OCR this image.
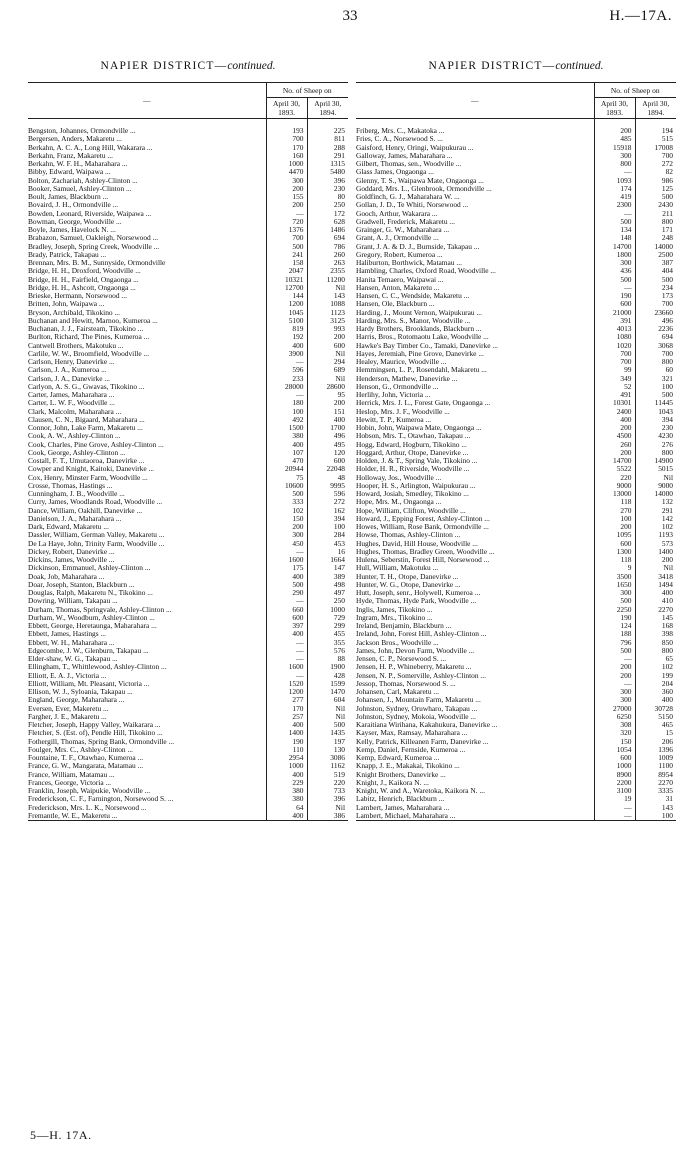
33	H.—17A.
NAPIER DISTRICT—continued.
—	No. of Sheep on	
	April 30, 1893.	April 30, 1894.
Bengston, Johannes, Ormondville ...	193	225
Bergersen, Anders, Makaretu ...	700	811
Berkahn, A. C. A., Long Hill, Wakarara ...	170	288
Berkahn, Franz, Makaretu ...	160	291
Berkahn, W. F. H., Maharahara ...	1000	1315
Bibby, Edward, Waipawa ...	4470	5480
Bolton, Zachariah, Ashley-Clinton ...	300	396
Booker, Samuel, Ashley-Clinton ...	200	230
Boult, James, Blackburn ...	155	80
Bovaird, J. H., Ormondville ...	200	250
Bowden, Leonard, Riverside, Waipawa ...	—	172
Bowman, George, Woodville ...	720	628
Boyle, James, Havelock N. ...	1376	1486
Brabazon, Samuel, Oakleigh, Norsewood ...	700	694
Bradley, Joseph, Spring Creek, Woodville ...	500	786
Brady, Patrick, Takapau ...	241	260
Brennan, Mrs. B. M., Sunnyside, Ormondville	158	263
Bridge, H. H., Droxford, Woodville ...	2047	2355
Bridge, H. H., Fairfield, Ongaonga ...	10321	11200
Bridge, H. H., Ashcott, Ongaonga ...	12700	Nil
Brieske, Hermann, Norsewood ...	144	143
Britten, John, Waipawa ...	1200	1088
Bryson, Archibald, Tikokino ...	1045	1123
Buchanan and Hewitt, Marnoo, Kumeroa ...	5100	3125
Buchanan, J. J., Fairsteam, Tikokino ...	819	993
Burlton, Richard, The Pines, Kumeroa ...	192	200
Cantwell Brothers, Makotuku ...	400	600
Carlile, W. W., Broomfield, Woodville ...	3900	Nil
Carlson, Henry, Danevirke ...	—	294
Carlson, J. A., Kumeroa ...	596	689
Carlson, J. A., Danevirke ...	233	Nil
Carlyon, A. S. G., Gwavas, Tikokino ...	28000	28600
Carter, James, Maharahara ...	—	95
Carter, L. W. F., Woodville ...	180	200
Clark, Malcolm, Maharahara ...	100	151
Clausen, C. N., Bigaard, Maharahara ...	492	400
Connor, John, Lake Farm, Makaretu ...	1500	1700
Cook, A. W., Ashley-Clinton ...	380	496
Cook, Charles, Pine Grove, Ashley-Clinton ...	400	495
Cook, George, Ashley-Clinton ...	107	120
Costall, F. T., Umutaoroa, Danevirke ...	470	600
Cowper and Knight, Kaitoki, Danevirke ...	20944	22048
Cox, Henry, Minster Farm, Woodville ...	75	48
Crosse, Thomas, Hastings ...	10600	9995
Cunningham, J. B., Woodville ...	500	596
Curry, James, Woodlands Road, Woodville ...	333	272
Dance, William, Oakhill, Danevirke ...	102	162
Danielson, J. A., Maharahara ...	150	394
Dark, Edward, Makaretu ...	200	100
Dassler, William, German Valley, Makaretu ...	300	284
De La Haye, John, Trinity Farm, Woodville ...	450	453
Dickey, Robert, Danevirke ...	—	16
Dickins, James, Woodville ...	1600	1664
Dickinson, Emmanuel, Ashley-Clinton ...	175	147
Doak, Job, Maharahara ...	400	389
Doar, Joseph, Stanton, Blackburn ...	500	498
Douglas, Ralph, Makaretu N., Tikokino ...	290	497
Dowring, William, Takapau ...	—	250
Durham, Thomas, Springvale, Ashley-Clinton ...	660	1000
Durham, W., Woodburn, Ashley-Clinton ...	600	729
Ebbett, George, Heretaunga, Maharahara ...	397	299
Ebbett, James, Hastings ...	400	455
Ebbett, W. H., Maharahara ...	—	355
Edgecombe, J. W., Glenburn, Takapau ...	—	576
Elder-shaw, W. G., Takapau ...	—	88
Ellingham, T., Whittlewood, Ashley-Clinton ...	1600	1900
Elliott, E. A. J., Victoria ...	—	428
Elliott, William, Mt. Pleasant, Victoria ...	1520	1599
Ellison, W. J., Syloania, Takapau ...	1200	1470
England, George, Maharahara ...	277	604
Eversen, Ever, Makeretu ...	170	Nil
Fargher, J. E., Makaretu ...	257	Nil
Fletcher, Joseph, Happy Valley, Waikarara ...	400	500
Fletcher, S. (Est. of), Pendle Hill, Tikokino ...	1400	1435
Fothergill, Thomas, Spring Bank, Ormondville ...	190	197
Foulger, Mrs. C., Ashley-Clinton ...	110	130
Fountaine, T. F., Otawhao, Kumeroa ...	2954	3086
France, G. W., Mangarata, Matamau ...	1000	1162
France, William, Matamau ...	400	519
Frances, George, Victoria ...	229	220
Franklin, Joseph, Waipukie, Woodville ...	380	733
Frederickson, C. F., Farnington, Norsewood S. ...	380	396
Frederickson, Mrs. L. K., Norsewood ...	64	Nil
Fremantle, W. E., Makeretu ...	400	386
NAPIER DISTRICT—continued.
—	No. of Sheep on	
	April 30, 1893.	April 30, 1894.
Friberg, Mrs. C., Makatoka ...	200	194
Fries, C. A., Norsewood S. ...	485	515
Gaisford, Henry, Oringi, Waipukurau ...	15918	17008
Galloway, James, Maharahara ...	300	700
Gilbert, Thomas, sen., Woodville ...	800	272
Glass James, Ongaonga ...	—	82
Glenny, T. S., Waipawa Mate, Ongaonga ...	1093	986
Goddard, Mrs. L., Glenbrook, Ormondville ...	174	125
Goldfinch, G. J., Maharahara W. ...	419	500
Gollan, J. D., Te Whiti, Norsewood ...	2300	2430
Gooch, Arthur, Wakarara ...	—	211
Gradwell, Frederick, Makaretu ...	500	800
Grainger, G. W., Maharahara ...	134	171
Grant, A. J., Ormondville ...	148	248
Grant, J. A. & D. J., Burnside, Takapau ...	14700	14000
Gregory, Robert, Kumeroa ...	1800	2500
Haliburton, Borthwick, Matamau ...	300	387
Hambling, Charles, Oxford Road, Woodville ...	436	404
Hanita Temaero, Waipawai ...	500	500
Hansen, Anton, Makaretu ...	—	234
Hansen, C. C., Wendside, Makaretu ...	190	173
Hansen, Ole, Blackburn ...	600	700
Harding, J., Mount Vernon, Waipukurau ...	21000	23660
Harding, Mrs. S., Manor, Woodville ...	391	496
Hardy Brothers, Brooklands, Blackburn ...	4013	2236
Harris, Bros., Rotomaotu Lake, Woodville ...	1080	694
Hawke's Bay Timber Co., Tamaki, Danevirke ...	1020	3068
Hayes, Jeremiah, Pine Grove, Danevirke ...	700	700
Healey, Maurice, Woodville ...	700	800
Hemmingsen, L. P., Rosendahl, Makaretu ...	99	60
Henderson, Mathew, Danevirke ...	349	321
Henson, G., Ormondville ...	52	100
Herlihy, John, Victoria ...	491	500
Herrick, Mrs. J. L., Forest Gate, Ongaonga ...	10301	11445
Heslop, Mrs. J. F., Woodville ...	2400	1043
Hewitt, T. P., Kumeroa ...	400	394
Hobin, John, Waipawa Mate, Ongaonga ...	200	230
Hobson, Mrs. T., Otawhao, Takapau ...	4500	4230
Hogg, Edward, Hogburn, Tikokino ...	260	276
Hoggard, Arthur, Otope, Danevirke ...	200	800
Holden, J. & T., Spring Vale, Tikokino ...	14700	14900
Holder, H. R., Riverside, Woodville ...	5522	5015
Holloway, Jos., Woodville ...	220	Nil
Hooper, H. S., Arlington, Waipukurau ...	9000	9000
Howard, Josiah, Smedley, Tikokino ...	13000	14000
Hope, Mrs. M., Ongaonga ...	118	132
Hope, William, Clifton, Woodville ...	270	291
Howard, J., Epping Forest, Ashley-Clinton ...	100	142
Howes, William, Rose Bank, Ormondville ...	200	102
Howse, Thomas, Ashley-Clinton ...	1095	1193
Hughes, David, Hill House, Woodville ...	600	573
Hughes, Thomas, Bradley Green, Woodville ...	1300	1400
Hulena, Seberstin, Forest Hill, Norsewood ...	118	200
Hull, William, Makotuku ...	9	Nil
Hunter, T. H., Otope, Danevirke ...	3500	3418
Hunter, W. G., Otope, Danevirke ...	1650	1494
Hutt, Joseph, senr., Holywell, Kumeroa ...	300	400
Hyde, Thomas, Hyde Park, Woodville ...	500	410
Inglis, James, Tikokino ...	2250	2270
Ingram, Mrs., Tikokino ...	190	145
Ireland, Benjamin, Blackburn ...	124	168
Ireland, John, Forest Hill, Ashley-Clinton ...	188	398
Jackson Bros., Woodville ...	796	850
James, John, Devon Farm, Woodville ...	500	800
Jensen, C. P., Norsewood S. ...	—	65
Jensen, H. P., Whineberry, Makaretu ...	200	102
Jensen, N. P., Somerville, Ashley-Clinton ...	200	199
Jessop, Thomas, Norsewood S. ...	—	204
Johansen, Carl, Makaretu ...	300	360
Johansen, J., Mountain Farm, Makaretu ...	300	400
Johnston, Sydney, Oruwharo, Takapau ...	27000	30728
Johnston, Sydney, Mokoia, Woodville ...	6250	5150
Karaitiana Wirihana, Kakahukura, Danevirke ...	308	465
Kayser, Max, Ramsay, Maharahara ...	320	15
Kelly, Patrick, Killeanen Farm, Danevirke ...	150	206
Kemp, Daniel, Fernside, Kumeroa ...	1054	1396
Kemp, Edward, Kumeroa ...	600	1009
Knapp, J. E., Makakai, Tikokino ...	1000	1100
Knight Brothers, Danevirke ...	8900	8954
Knight, J., Kaikora N. ...	2200	2270
Knight, W. and A., Waretoka, Kaikora N. ...	3100	3335
Labitz, Henrich, Blackburn ...	19	31
Lambert, James, Maharahara ...	—	143
Lambert, Michael, Maharahara ...	—	100
5—H. 17A.
